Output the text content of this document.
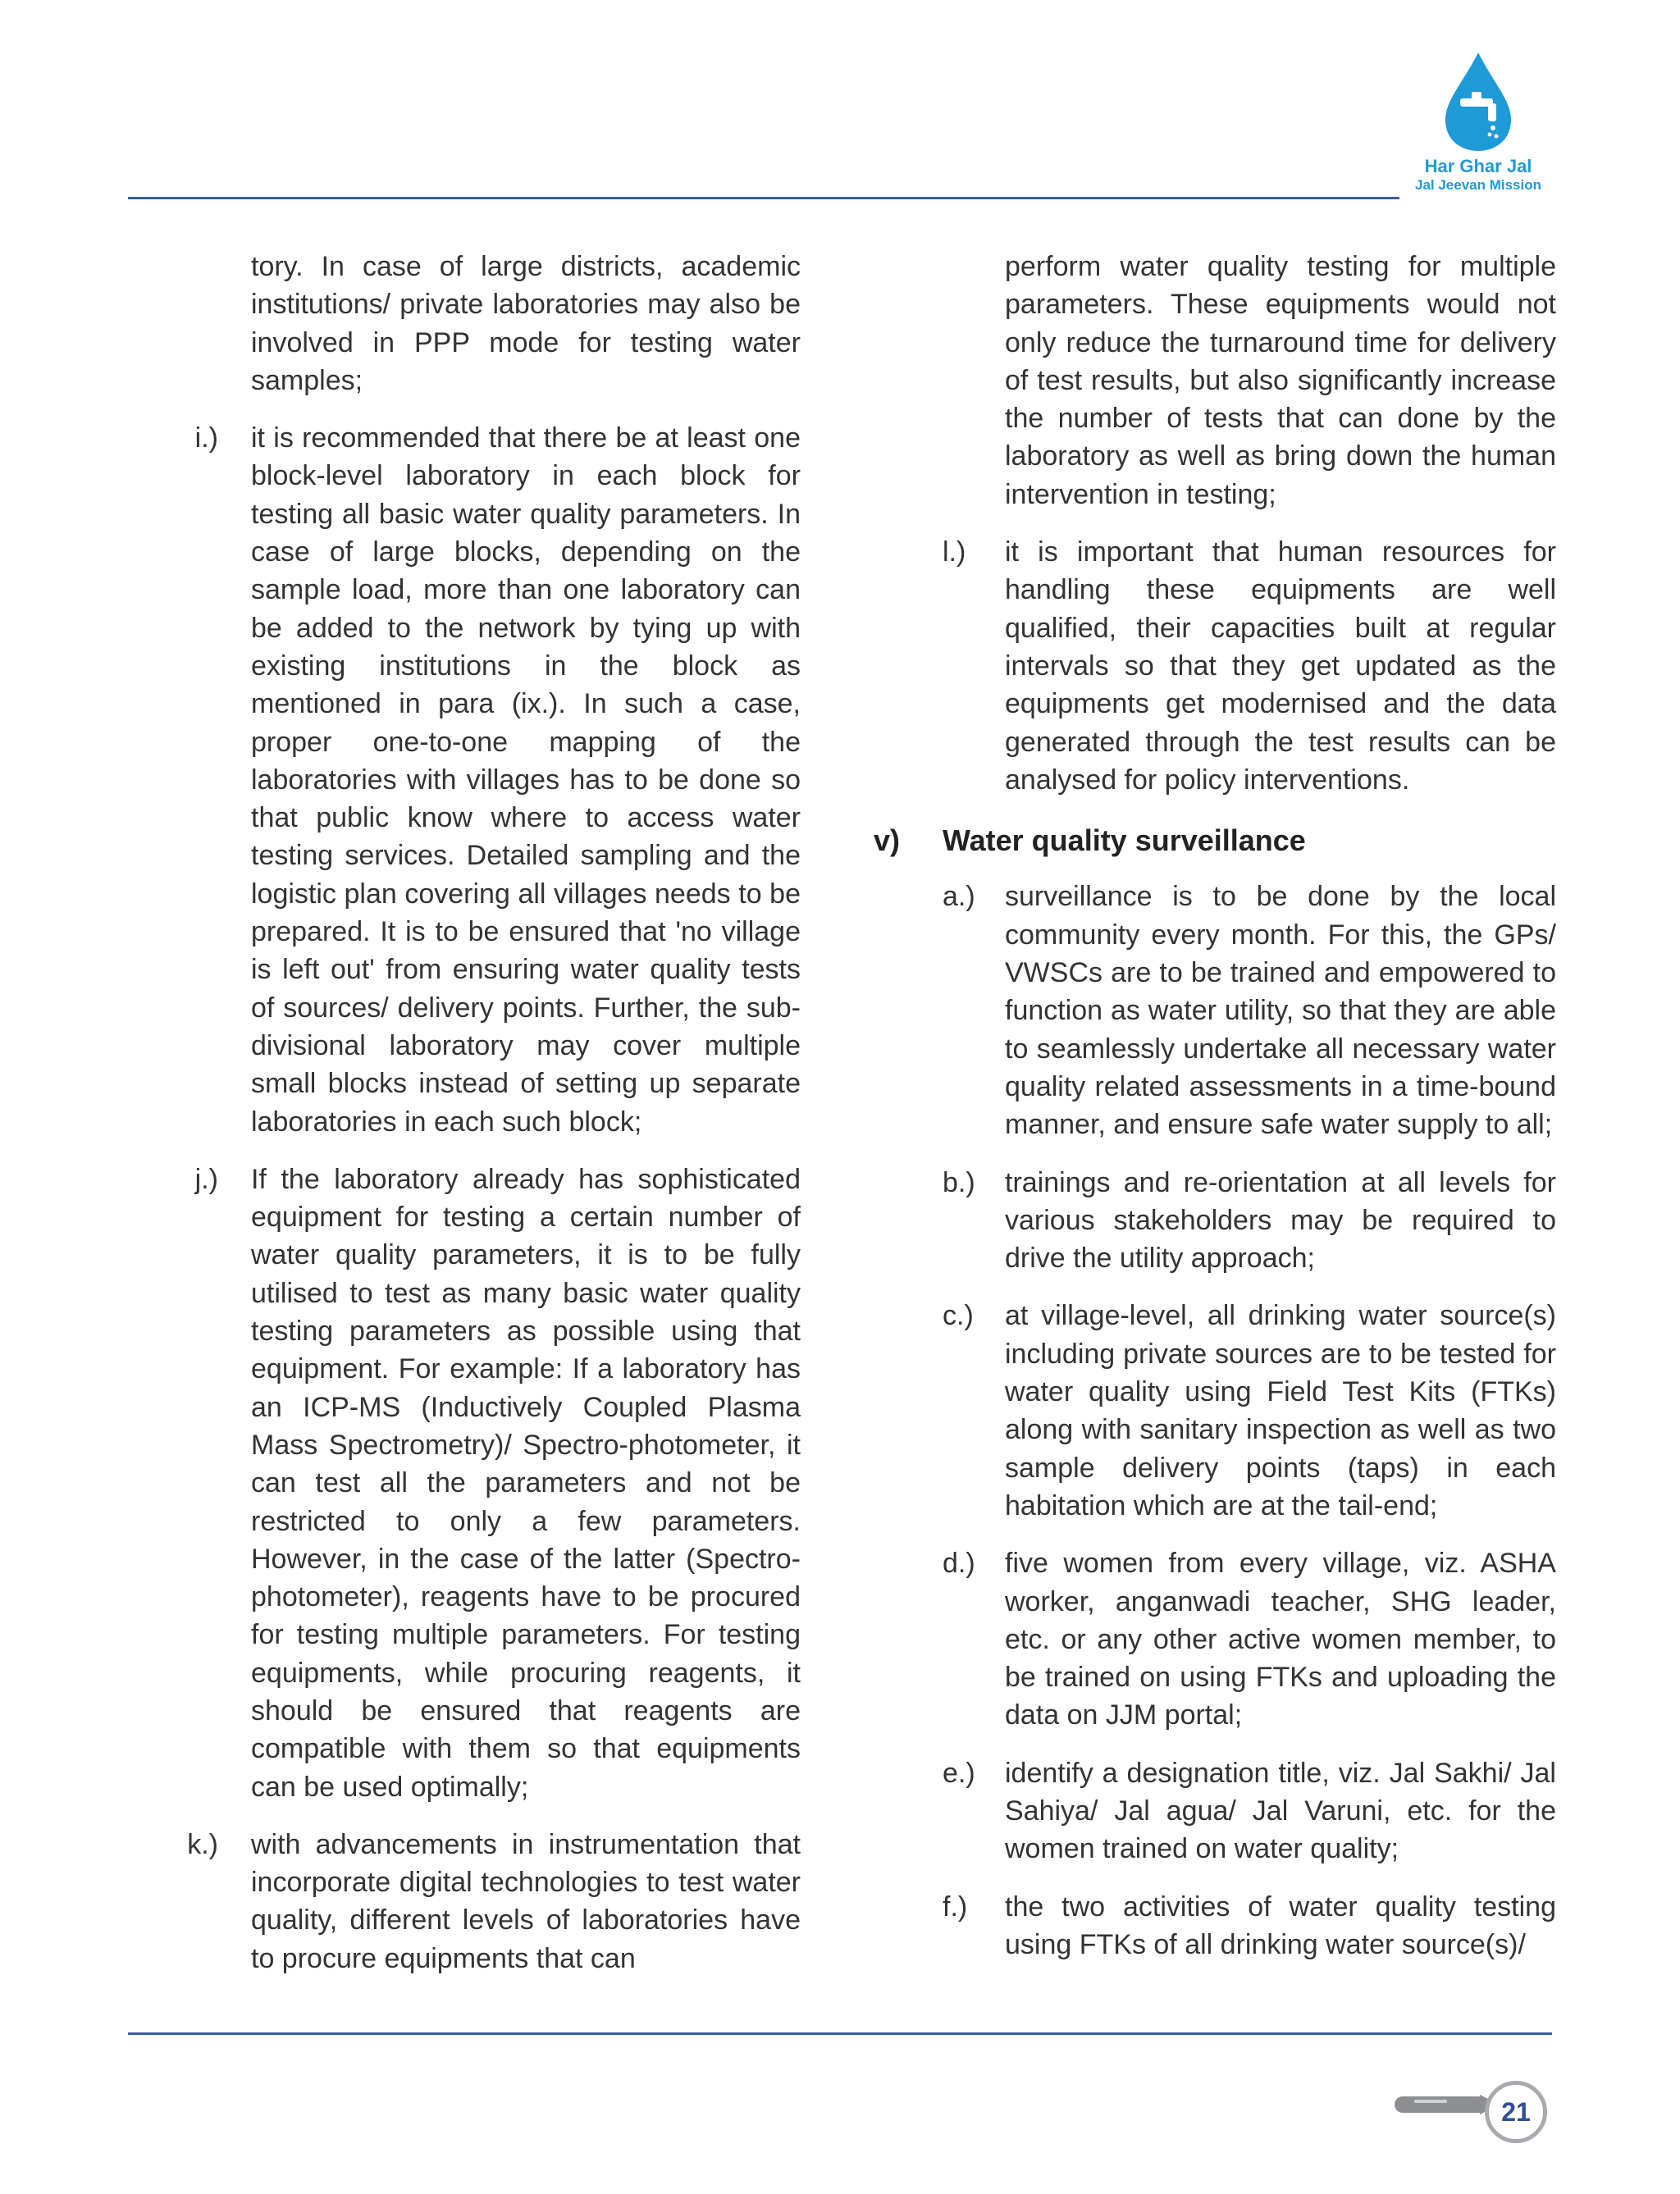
Har Ghar Jal
Jal Jeevan Mission
tory. In case of large districts, academic institutions/ private laboratories may also be involved in PPP mode for testing water samples;
i.)	it is recommended that there be at least one block-level laboratory in each block for testing all basic water quality parameters. In case of large blocks, depending on the sample load, more than one laboratory can be added to the network by tying up with existing institutions in the block as mentioned in para (ix.). In such a case, proper one-to-one mapping of the laboratories with villages has to be done so that public know where to access water testing services. Detailed sampling and the logistic plan covering all villages needs to be prepared. It is to be ensured that 'no village is left out' from ensuring water quality tests of sources/ delivery points. Further, the sub-divisional laboratory may cover multiple small blocks instead of setting up separate laboratories in each such block;
j.)	If the laboratory already has sophisticated equipment for testing a certain number of water quality parameters, it is to be fully utilised to test as many basic water quality testing parameters as possible using that equipment. For example: If a laboratory has an ICP-MS (Inductively Coupled Plasma Mass Spectrometry)/ Spectro-photometer, it can test all the parameters and not be restricted to only a few parameters. However, in the case of the latter (Spectro-photometer), reagents have to be procured for testing multiple parameters. For testing equipments, while procuring reagents, it should be ensured that reagents are compatible with them so that equipments can be used optimally;
k.)	with advancements in instrumentation that incorporate digital technologies to test water quality, different levels of laboratories have to procure equipments that can
perform water quality testing for multiple parameters. These equipments would not only reduce the turnaround time for delivery of test results, but also significantly increase the number of tests that can done by the laboratory as well as bring down the human intervention in testing;
l.)	it is important that human resources for handling these equipments are well qualified, their capacities built at regular intervals so that they get updated as the equipments get modernised and the data generated through the test results can be analysed for policy interventions.
v)	Water quality surveillance
a.)	surveillance is to be done by the local community every month. For this, the GPs/ VWSCs are to be trained and empowered to function as water utility, so that they are able to seamlessly undertake all necessary water quality related assessments in a time-bound manner, and ensure safe water supply to all;
b.)	trainings and re-orientation at all levels for various stakeholders may be required to drive the utility approach;
c.)	at village-level, all drinking water source(s) including private sources are to be tested for water quality using Field Test Kits (FTKs) along with sanitary inspection as well as two sample delivery points (taps) in each habitation which are at the tail-end;
d.)	five women from every village, viz. ASHA worker, anganwadi teacher, SHG leader, etc. or any other active women member, to be trained on using FTKs and uploading the data on JJM portal;
e.)	identify a designation title, viz. Jal Sakhi/ Jal Sahiya/ Jal agua/ Jal Varuni, etc. for the women trained on water quality;
f.)	the two activities of water quality testing using FTKs of all drinking water source(s)/
21
